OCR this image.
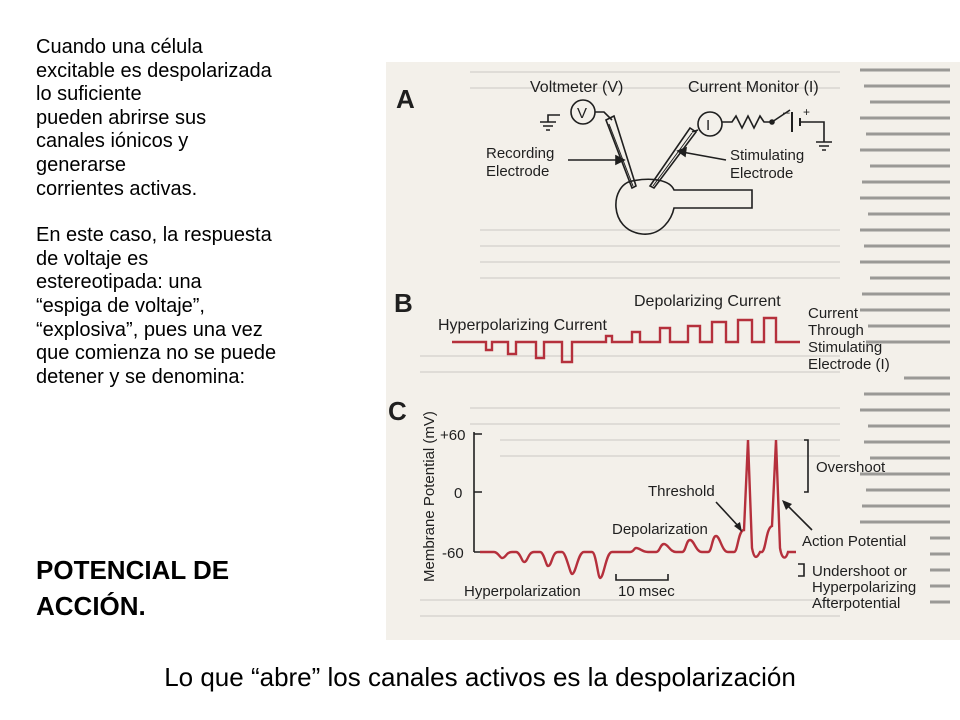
Cuando una célula
excitable es despolarizada
lo suficiente
pueden abrirse sus
canales iónicos y
generarse
corrientes activas.

En este caso, la respuesta
de voltaje es
estereotipada: una
“espiga de voltaje”,
“explosiva”, pues una vez
que comienza no se puede
detener y se denomina:

POTENCIAL DE
ACCIÓN.
Lo que “abre” los canales activos es la despolarización
A	Voltmeter (V)	Current Monitor (I)
V
I
– +
Recording Electrode
Stimulating Electrode
B
Hyperpolarizing Current
Depolarizing Current
Current Through Stimulating Electrode (I)
C
Membrane Potential (mV) +60
0
-60
Overshoot
Threshold
Depolarization
Action Potential
Hyperpolarization 10 msec
Undershoot or Hyperpolarizing Afterpotential
